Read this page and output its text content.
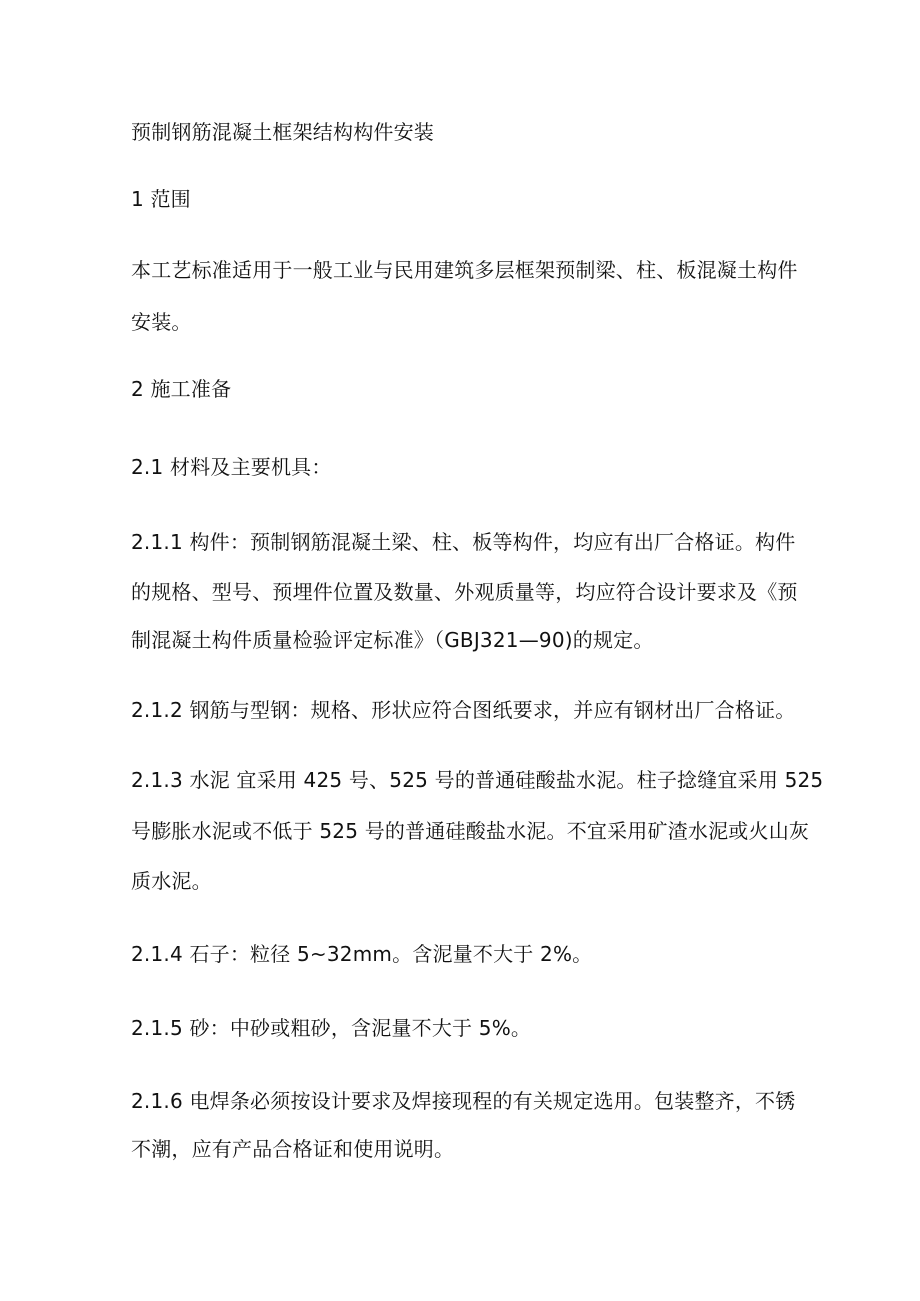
预制钢筋混凝土框架结构构件安装
1 范围
本工艺标准适用于一般工业与民用建筑多层框架预制梁、柱、板混凝土构件
安装。
2 施工准备
2.1 材料及主要机具：
2.1.1 构件：预制钢筋混凝土梁、柱、板等构件，均应有出厂合格证。构件
的规格、型号、预埋件位置及数量、外观质量等，均应符合设计要求及《预
制混凝土构件质量检验评定标准》（GBJ321—90)的规定。
2.1.2 钢筋与型钢：规格、形状应符合图纸要求，并应有钢材出厂合格证。
2.1.3 水泥 宜采用 425 号、525 号的普通硅酸盐水泥。柱子捻缝宜采用 525
号膨胀水泥或不低于 525 号的普通硅酸盐水泥。不宜采用矿渣水泥或火山灰
质水泥。
2.1.4 石子：粒径 5~32mm。含泥量不大于 2%。
2.1.5 砂：中砂或粗砂，含泥量不大于 5%。
2.1.6 电焊条必须按设计要求及焊接现程的有关规定选用。包装整齐，不锈
不潮，应有产品合格证和使用说明。
